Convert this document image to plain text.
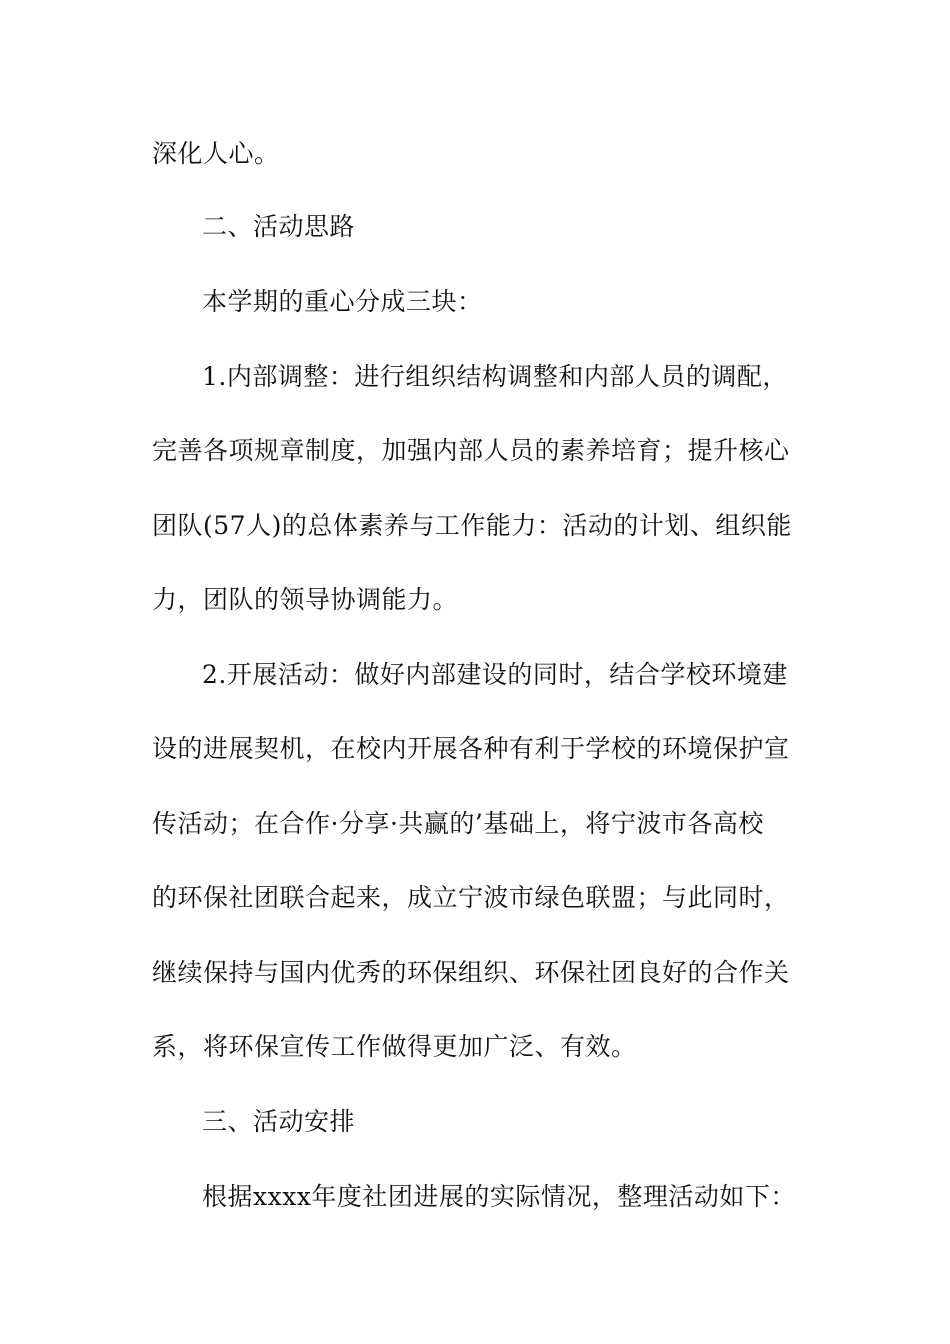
深化人心。
二、活动思路
本学期的重心分成三块：
1.内部调整：进行组织结构调整和内部人员的调配，
完善各项规章制度，加强内部人员的素养培育；提升核心
团队(57人)的总体素养与工作能力：活动的计划、组织能
力，团队的领导协调能力。
2.开展活动：做好内部建设的同时，结合学校环境建
设的进展契机，在校内开展各种有利于学校的环境保护宣
传活动；在合作·分享·共赢的’基础上，将宁波市各高校
的环保社团联合起来，成立宁波市绿色联盟；与此同时，
继续保持与国内优秀的环保组织、环保社团良好的合作关
系，将环保宣传工作做得更加广泛、有效。
三、活动安排
根据xxxx年度社团进展的实际情况，整理活动如下：
